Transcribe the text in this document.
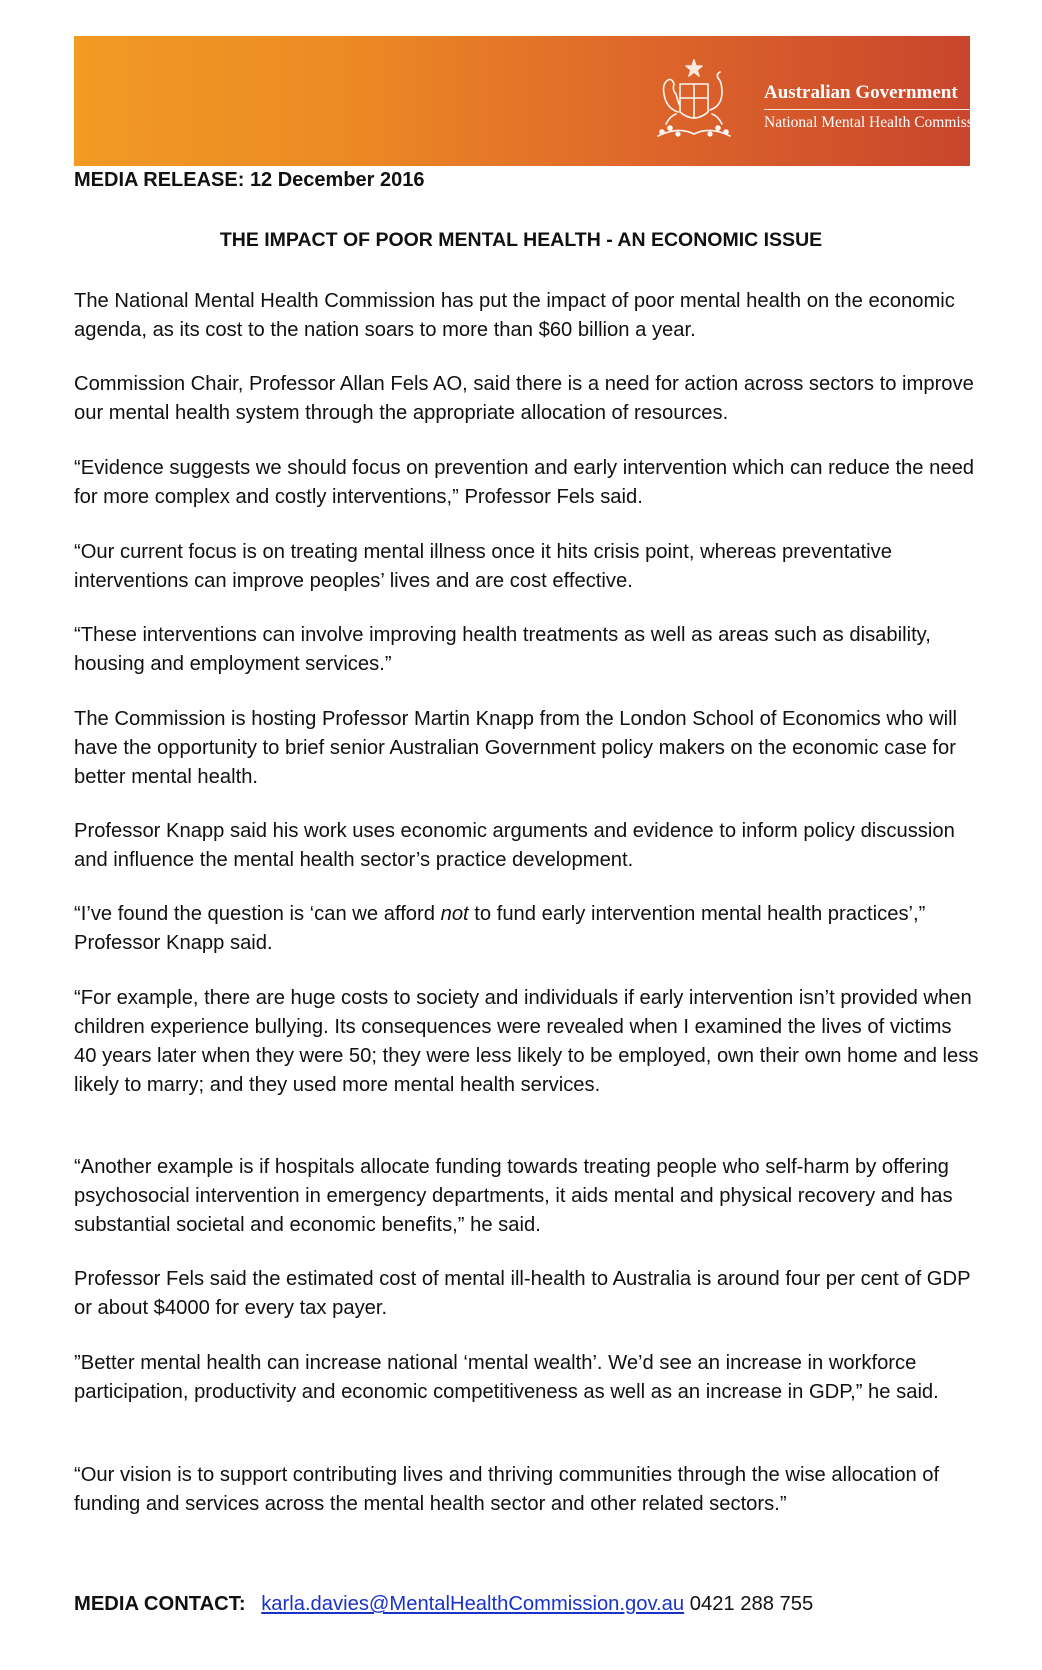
Australian Government
National Mental Health Commission
MEDIA RELEASE: 12 December 2016
THE IMPACT OF POOR MENTAL HEALTH - AN ECONOMIC ISSUE

The National Mental Health Commission has put the impact of poor mental health on the economic agenda, as its cost to the nation soars to more than $60 billion a year.

Commission Chair, Professor Allan Fels AO, said there is a need for action across sectors to improve our mental health system through the appropriate allocation of resources.

“Evidence suggests we should focus on prevention and early intervention which can reduce the need for more complex and costly interventions,” Professor Fels said.

“Our current focus is on treating mental illness once it hits crisis point, whereas preventative interventions can improve peoples’ lives and are cost effective.

“These interventions can involve improving health treatments as well as areas such as disability, housing and employment services.”

The Commission is hosting Professor Martin Knapp from the London School of Economics who will have the opportunity to brief senior Australian Government policy makers on the economic case for better mental health.

Professor Knapp said his work uses economic arguments and evidence to inform policy discussion and influence the mental health sector’s practice development.

“I’ve found the question is ‘can we afford not to fund early intervention mental health practices’,” Professor Knapp said.

“For example, there are huge costs to society and individuals if early intervention isn’t provided when children experience bullying. Its consequences were revealed when I examined the lives of victims 40 years later when they were 50; they were less likely to be employed, own their own home and less likely to marry; and they used more mental health services.

“Another example is if hospitals allocate funding towards treating people who self-harm by offering psychosocial intervention in emergency departments, it aids mental and physical recovery and has substantial societal and economic benefits,” he said.

Professor Fels said the estimated cost of mental ill-health to Australia is around four per cent of GDP or about $4000 for every tax payer.

”Better mental health can increase national ‘mental wealth’. We’d see an increase in workforce participation, productivity and economic competitiveness as well as an increase in GDP,” he said.

“Our vision is to support contributing lives and thriving communities through the wise allocation of funding and services across the mental health sector and other related sectors.”

MEDIA CONTACT: karla.davies@MentalHealthCommission.gov.au 0421 288 755
